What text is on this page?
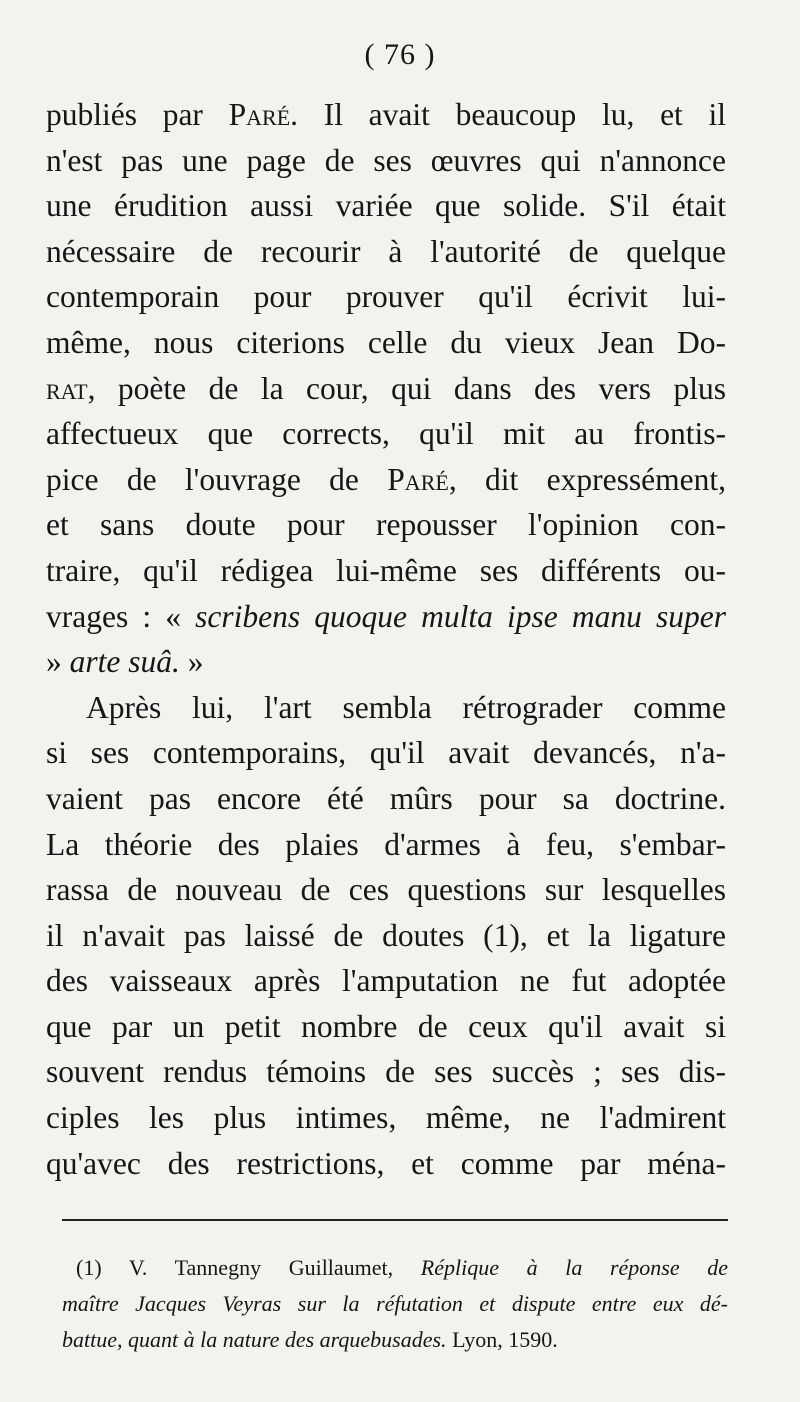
( 76 )
publiés par Paré. Il avait beaucoup lu, et il
n'est pas une page de ses œuvres qui n'annonce
une érudition aussi variée que solide. S'il était
nécessaire de recourir à l'autorité de quelque
contemporain pour prouver qu'il écrivit lui-
même, nous citerions celle du vieux Jean Do-
rat, poète de la cour, qui dans des vers plus
affectueux que corrects, qu'il mit au frontis-
pice de l'ouvrage de Paré, dit expressément,
et sans doute pour repousser l'opinion con-
traire, qu'il rédigea lui-même ses différents ou-
vrages : « scribens quoque multa ipse manu super
» arte suâ. »
Après lui, l'art sembla rétrograder comme
si ses contemporains, qu'il avait devancés, n'a-
vaient pas encore été mûrs pour sa doctrine.
La théorie des plaies d'armes à feu, s'embar-
rassa de nouveau de ces questions sur lesquelles
il n'avait pas laissé de doutes (1), et la ligature
des vaisseaux après l'amputation ne fut adoptée
que par un petit nombre de ceux qu'il avait si
souvent rendus témoins de ses succès ; ses dis-
ciples les plus intimes, même, ne l'admirent
qu'avec des restrictions, et comme par ména-
(1) V. Tannegny Guillaumet, Réplique à la réponse de
maître Jacques Veyras sur la réfutation et dispute entre eux dé-
battue, quant à la nature des arquebusades. Lyon, 1590.
